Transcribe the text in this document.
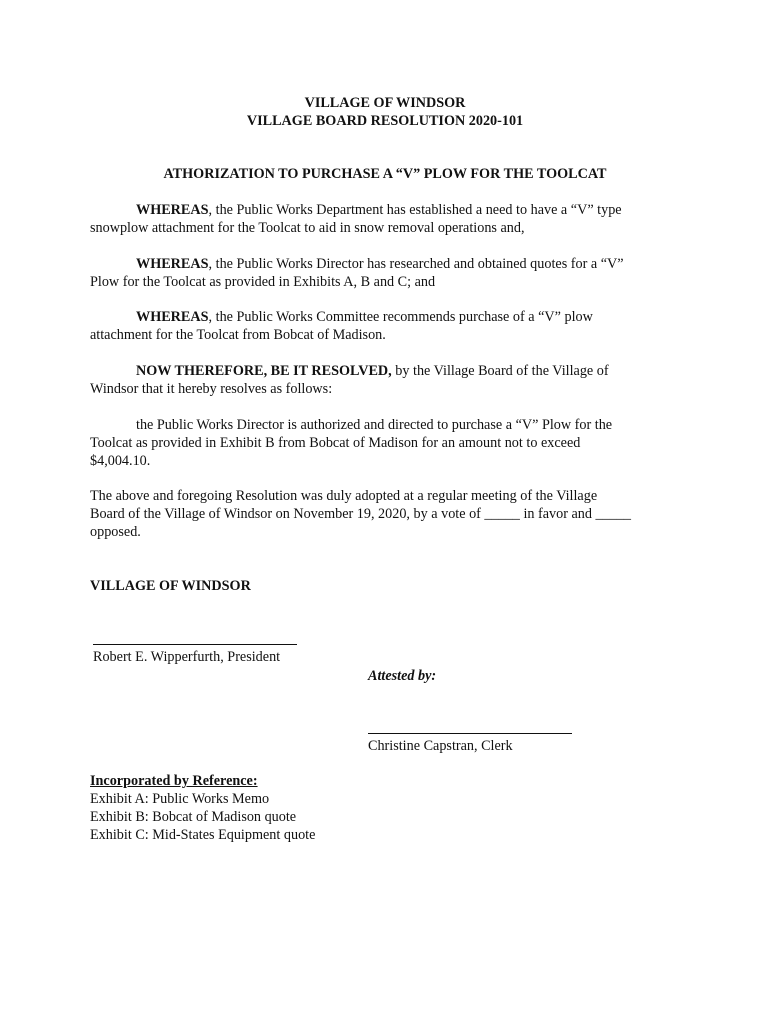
VILLAGE OF WINDSOR
VILLAGE BOARD RESOLUTION 2020-101
ATHORIZATION TO PURCHASE A “V” PLOW FOR THE TOOLCAT
WHEREAS, the Public Works Department has established a need to have a “V” type
snowplow attachment for the Toolcat to aid in snow removal operations and,
WHEREAS, the Public Works Director has researched and obtained quotes for a “V”
Plow for the Toolcat as provided in Exhibits A, B and C; and
WHEREAS, the Public Works Committee recommends purchase of a “V” plow
attachment for the Toolcat from Bobcat of Madison.
NOW THEREFORE, BE IT RESOLVED, by the Village Board of the Village of
Windsor that it hereby resolves as follows:
the Public Works Director is authorized and directed to purchase a “V” Plow for the
Toolcat as provided in Exhibit B from Bobcat of Madison for an amount not to exceed
$4,004.10.
The above and foregoing Resolution was duly adopted at a regular meeting of the Village
Board of the Village of Windsor on November 19, 2020, by a vote of _____ in favor and _____
opposed.
VILLAGE OF WINDSOR
Robert E. Wipperfurth, President
Attested by:
Christine Capstran, Clerk
Incorporated by Reference:
Exhibit A: Public Works Memo
Exhibit B: Bobcat of Madison quote
Exhibit C: Mid-States Equipment quote
